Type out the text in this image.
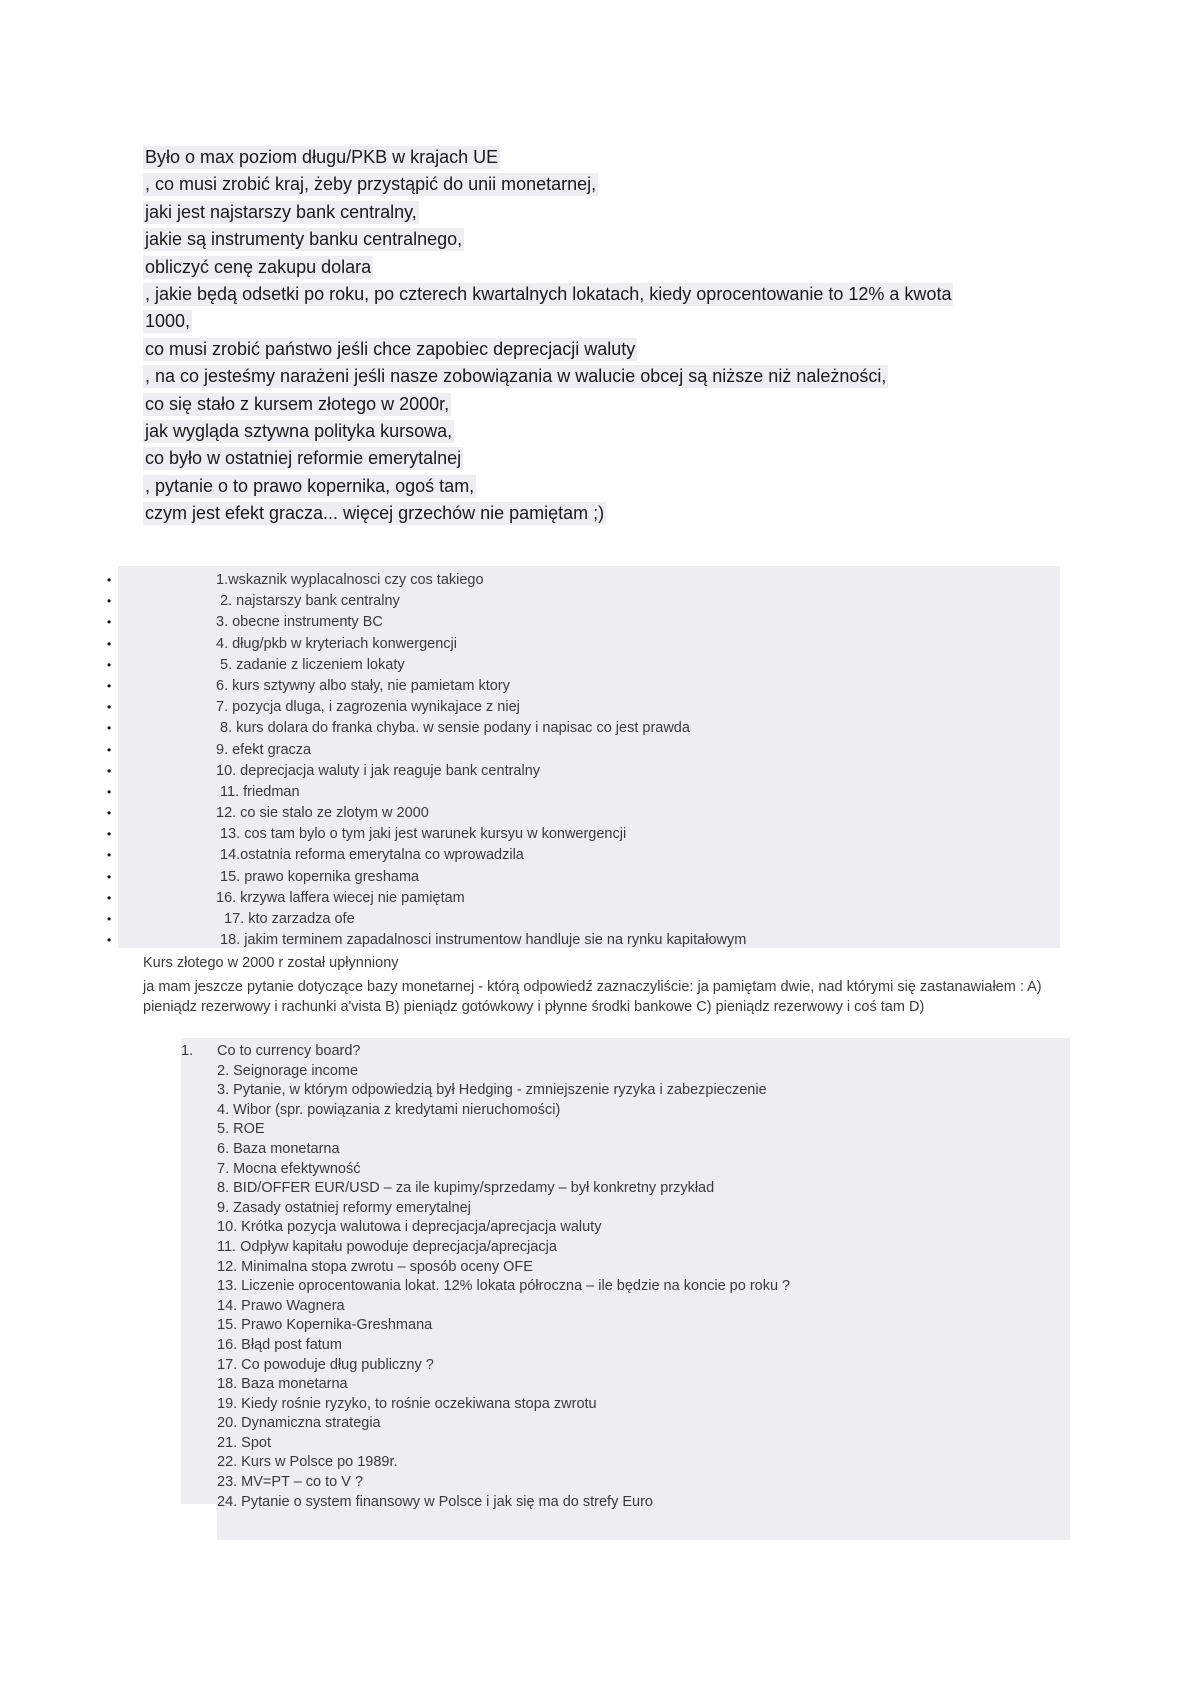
Było o max poziom długu/PKB w krajach UE
, co musi zrobić kraj, żeby przystąpić do unii monetarnej,
jaki jest najstarszy bank centralny,
jakie są instrumenty banku centralnego,
obliczyć cenę zakupu dolara
, jakie będą odsetki po roku, po czterech kwartalnych lokatach, kiedy oprocentowanie to 12% a kwota
1000,
co musi zrobić państwo jeśli chce zapobiec deprecjacji waluty
, na co jesteśmy narażeni jeśli nasze zobowiązania w walucie obcej są niższe niż należności,
co się stało z kursem złotego w 2000r,
jak wygląda sztywna polityka kursowa,
co było w ostatniej reformie emerytalnej
, pytanie o to prawo kopernika, ogoś tam,
czym jest efekt gracza... więcej grzechów nie pamiętam ;)
•	1.wskaznik wyplacalnosci czy cos takiego
•	2. najstarszy bank centralny
•	3. obecne instrumenty BC
•	4. dług/pkb w kryteriach konwergencji
•	5. zadanie z liczeniem lokaty
•	6. kurs sztywny albo stały, nie pamietam ktory
•	7. pozycja dluga, i zagrozenia wynikajace z niej
•	8. kurs dolara do franka chyba. w sensie podany i napisac co jest prawda
•	9. efekt gracza
•	10. deprecjacja waluty i jak reaguje bank centralny
•	11. friedman
•	12. co sie stalo ze zlotym w 2000
•	13. cos tam bylo o tym jaki jest warunek kursyu w konwergencji
•	14.ostatnia reforma emerytalna co wprowadzila
•	15. prawo kopernika greshama
•	16. krzywa laffera wiecej nie pamiętam
•	17. kto zarzadza ofe
•	18. jakim terminem zapadalnosci instrumentow handluje sie na rynku kapitałowym
Kurs złotego w 2000 r został upłynniony
ja mam jeszcze pytanie dotyczące bazy monetarnej - którą odpowiedź zaznaczyliście: ja pamiętam dwie, nad którymi się zastanawiałem : A) pieniądz rezerwowy i rachunki a'vista B) pieniądz gotówkowy i płynne środki bankowe C) pieniądz rezerwowy i coś tam D)
1. Co to currency board?
2. Seignorage income
3. Pytanie, w którym odpowiedzią był Hedging - zmniejszenie ryzyka i zabezpieczenie
4. Wibor (spr. powiązania z kredytami nieruchomości)
5. ROE
6. Baza monetarna
7. Mocna efektywność
8. BID/OFFER EUR/USD – za ile kupimy/sprzedamy – był konkretny przykład
9. Zasady ostatniej reformy emerytalnej
10. Krótka pozycja walutowa i deprecjacja/aprecjacja waluty
11. Odpływ kapitału powoduje deprecjacja/aprecjacja
12. Minimalna stopa zwrotu – sposób oceny OFE
13. Liczenie oprocentowania lokat. 12% lokata półroczna – ile będzie na koncie po roku ?
14. Prawo Wagnera
15. Prawo Kopernika-Greshmana
16. Błąd post fatum
17. Co powoduje dług publiczny ?
18. Baza monetarna
19. Kiedy rośnie ryzyko, to rośnie oczekiwana stopa zwrotu
20. Dynamiczna strategia
21. Spot
22. Kurs w Polsce po 1989r.
23. MV=PT – co to V ?
24. Pytanie o system finansowy w Polsce i jak się ma do strefy Euro
